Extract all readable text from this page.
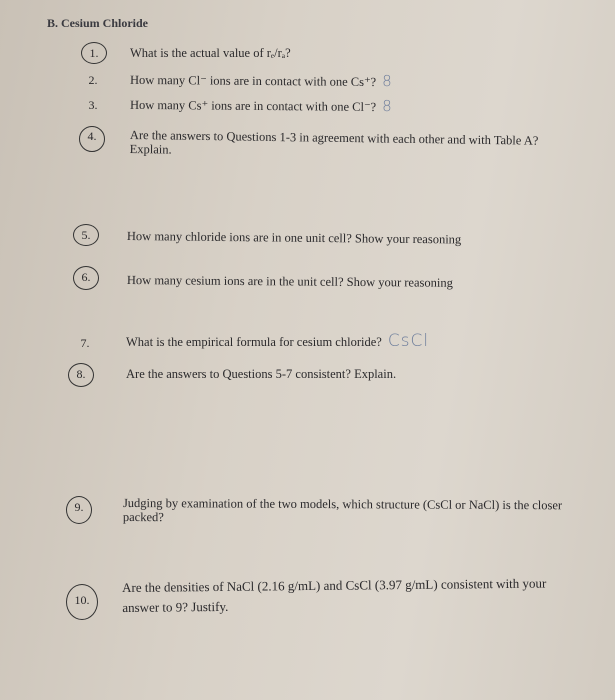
B. Cesium Chloride
1.	What is the actual value of rₑ/rₐ?
2.	How many Cl⁻ ions are in contact with one Cs⁺? 8
3.	How many Cs⁺ ions are in contact with one Cl⁻? 8
4.	Are the answers to Questions 1-3 in agreement with each other and with Table A? Explain.
5.	How many chloride ions are in one unit cell? Show your reasoning
6.	How many cesium ions are in the unit cell? Show your reasoning
7.	What is the empirical formula for cesium chloride? CsCl
8.	Are the answers to Questions 5-7 consistent? Explain.
9.	Judging by examination of the two models, which structure (CsCl or NaCl) is the closer packed?
10.
Are the densities of NaCl (2.16 g/mL) and CsCl (3.97 g/mL) consistent with your answer to 9? Justify.
